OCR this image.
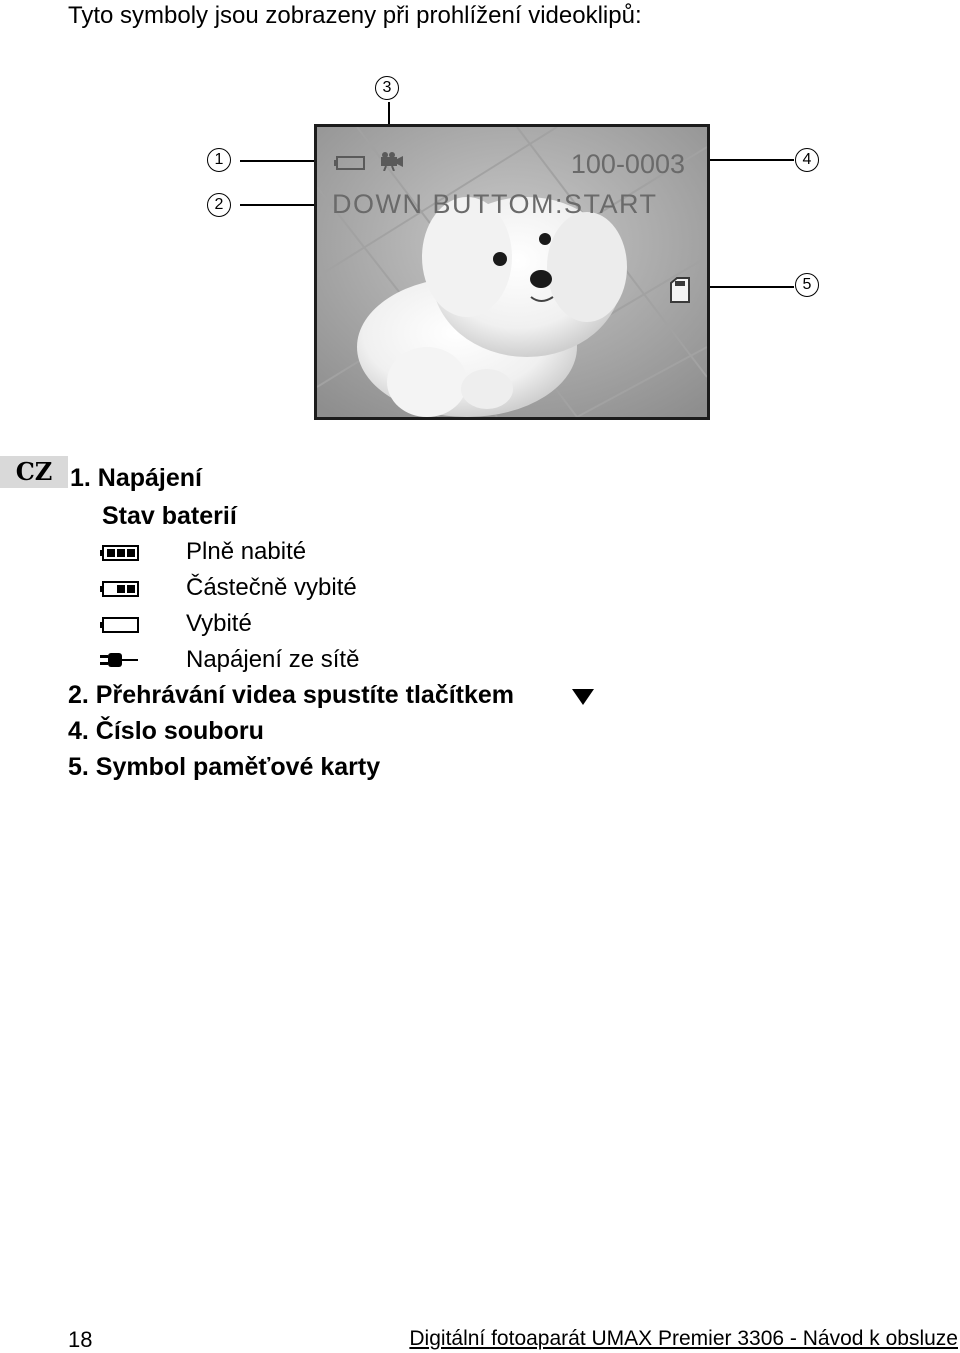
Tyto symboly jsou zobrazeny při prohlížení videoklipů:
3
1
2
4
5
100-0003
DOWN BUTTOM:START
CZ 1. Napájení
Stav baterií
Plně nabité
Částečně vybité
Vybité
Napájení ze sítě
2. Přehrávání videa spustíte tlačítkem
4. Číslo souboru
5. Symbol paměťové karty
18	Digitální fotoaparát UMAX Premier 3306 - Návod k obsluze
